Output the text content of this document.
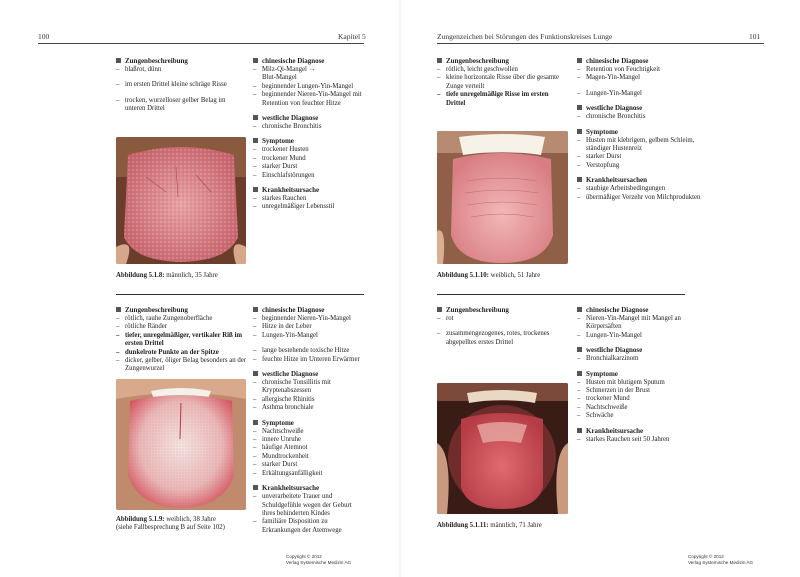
100	Kapitel 5
Zungenbeschreibung
– blaßrot, dünn
– im ersten Drittel kleine schräge Risse
– trocken, wurzelloser gelber Belag im unteren Drittel
chinesische Diagnose
– Milz-Qi-Mangel →
Blut-Mangel
– beginnender Lungen-Yin-Mangel
– beginnender Nieren-Yin-Mangel mit Retention von feuchter Hitze
westliche Diagnose
– chronische Bronchitis
Symptome
– trockener Husten
– trockener Mund
– starker Durst
– Einschlafstörungen
Krankheitsursache
– starkes Rauchen
– unregelmäßiger Lebensstil
Abbildung 5.1.8: männlich, 35 Jahre
Zungenbeschreibung
– rötlich, rauhe Zungenoberfläche
– rötliche Ränder
– tiefer, unregelmäßiger, vertikaler Riß im ersten Drittel
– dunkelrote Punkte an der Spitze
– dicker, gelber, öliger Belag besonders an der Zungenwurzel
chinesische Diagnose
– beginnender Nieren-Yin-Mangel
– Hitze in der Leber
– Lungen-Yin-Mangel
– lange bestehende toxische Hitze
– feuchte Hitze im Unteren Erwärmer
westliche Diagnose
– chronische Tonsillitis mit Kryptenabszessen
– allergische Rhinitis
– Asthma bronchiale
Symptome
– Nachtschweiße
– innere Unruhe
– häufige Atemnot
– Mundtrockenheit
– starker Durst
– Erkältungsanfälligkeit
Krankheitsursache
– unverarbeitete Trauer und Schuldgefühle wegen der Geburt ihres behinderten Kindes
– familiäre Disposition zu Erkrankungen der Atemwege
Abbildung 5.1.9: weiblich, 38 Jahre
(siehe Fallbesprechung B auf Seite 102)
Copyright © 2012
Verlag Systemische Medizin AG
Zungenzeichen bei Störungen des Funktionskreises Lunge	101
Zungenbeschreibung
– rötlich, leicht geschwollen
– kleine horizontale Risse über die gesamte Zunge verteilt
– tiefe unregelmäßige Risse im ersten Drittel
chinesische Diagnose
– Retention von Feuchtigkeit
– Magen-Yin-Mangel
– Lungen-Yin-Mangel
westliche Diagnose
– chronische Bronchitis
Symptome
– Husten mit klebrigem, gelbem Schleim, ständiger Hustenreiz
– starker Durst
– Verstopfung
Krankheitsursachen
– staubige Arbeitsbedingungen
– übermäßiger Verzehr von Milchprodukten
Abbildung 5.1.10: weiblich, 51 Jahre
Zungenbeschreibung
– rot
– zusammengezogenes, rotes, trockenes abgepelltes erstes Drittel
chinesische Diagnose
– Nieren-Yin-Mangel mit Mangel an Körpersäften
– Lungen-Yin-Mangel
westliche Diagnose
– Bronchialkarzinom
Symptome
– Husten mit blutigem Sputum
– Schmerzen in der Brust
– trockener Mund
– Nachtschweiße
– Schwäche
Krankheitsursache
– starkes Rauchen seit 50 Jahren
Abbildung 5.1.11: männlich, 71 Jahre
Copyright © 2012
Verlag Systemische Medizin AG
